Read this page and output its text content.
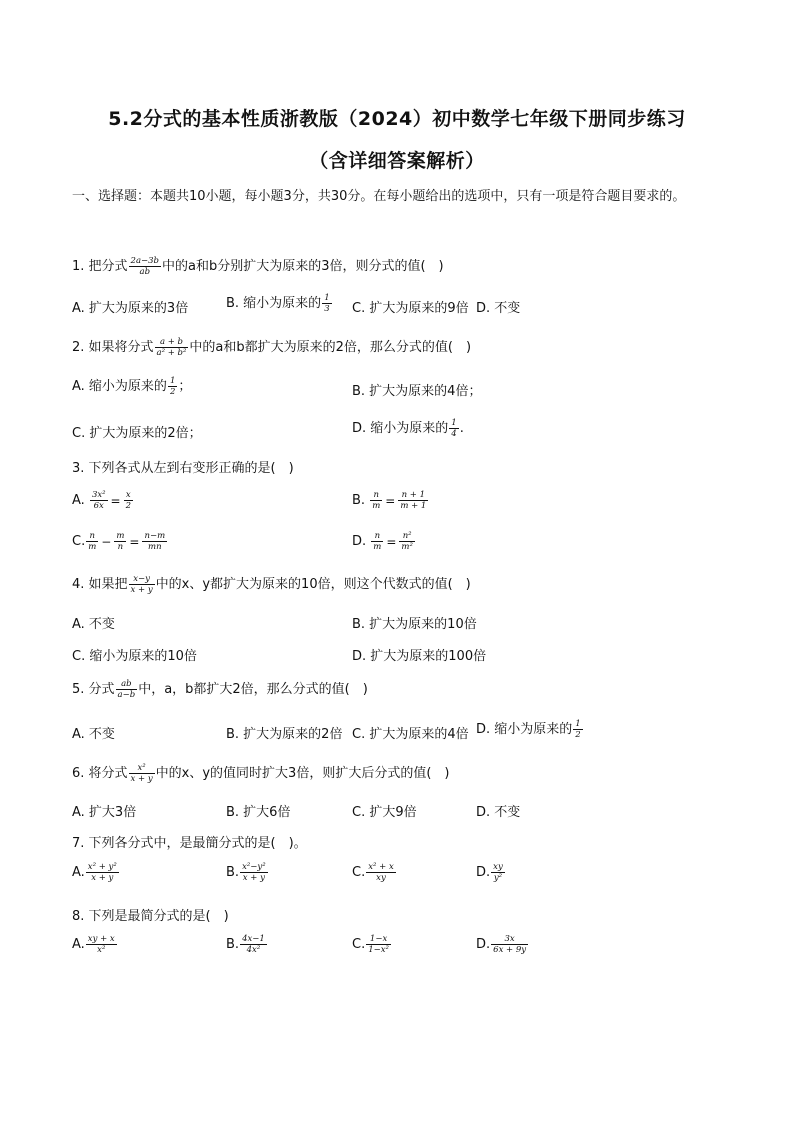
5.2分式的基本性质浙教版（2024）初中数学七年级下册同步练习
（含详细答案解析）
一、选择题：本题共10小题，每小题3分，共30分。在每小题给出的选项中，只有一项是符合题目要求的。
1. 把分式 $\frac{2a-3b}{ab}$ 中的a和b分别扩大为原来的3倍，则分式的值(　)
A. 扩大为原来的3倍	B. 缩小为原来的 $\frac{1}{3} C$. 扩大为原来的9倍 D. 不变
2. 如果将分式 $\frac{a + b}{\text{a² + b²}}$ 中的a和b都扩大为原来的2倍，那么分式的值(　)
A. 缩小为原来的 $\frac{1}{2}$ ；	B. 扩大为原来的4倍；
C. 扩大为原来的2倍；	D. 缩小为原来的 $\frac{1}{4}$ .
3. 下列各式从左到右变形正确的是(　)
A. $\frac{\text{3x²}}{6x} = \frac{x}{2}$	B. $\frac{n}{m} = \frac{n + 1}{m + 1}$
C. $\frac{n}{m} - \frac{m}{n} = \frac{n-m}{mn}$	D. $\frac{n}{m} = \frac{\text{n²}}{\text{m²}}$
4. 如果把 $\frac{x-y}{x + y}$ 中的x、y都扩大为原来的10倍，则这个代数式的值(　)
A. 不变	B. 扩大为原来的10倍
C. 缩小为原来的10倍	D. 扩大为原来的100倍
5. 分式 $\frac{ab}{a-b}$ 中，a，b都扩大2倍，那么分式的值(　)
A. 不变	B. 扩大为原来的2倍 C. 扩大为原来的4倍 D. 缩小为原来的 $\frac{1}{2}$
6. 将分式 $\frac{\text{x²}}{x + y}$ 中的x、y的值同时扩大3倍，则扩大后分式的值(　)
A. 扩大3倍	B. 扩大6倍	C. 扩大9倍	D. 不变
7. 下列各分式中，是最簡分式的是(　)。
A. $\frac{\text{x² + y²}}{x + y}$	B. $\frac{\text{x²−y²}}{x + y}$	C. $\frac{\text{x² + x}}{xy}$	D. $\frac{xy}{\text{y²}}$
8. 下列是最简分式的是(　)
A. $\frac{xy + x}{\text{x²}}$	B. $\frac{4x-1}{\text{4x²}}$	C. $\frac{1-x}{\text{1−x²}}$	D. $\frac{3x}{6x + 9y}$
